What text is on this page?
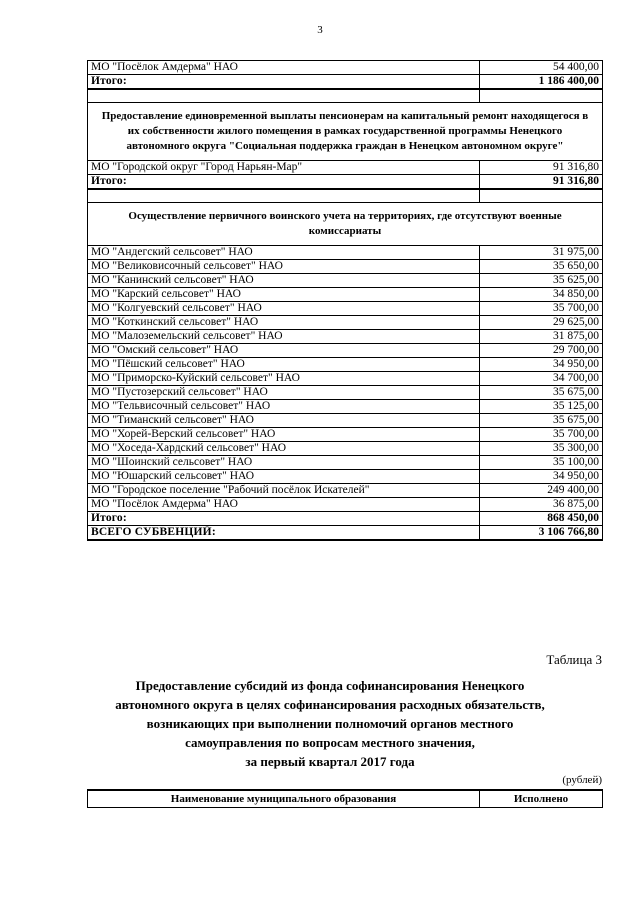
3
МО "Посёлок Амдерма" НАО	54 400,00
Итого:	1 186 400,00

Предоставление единовременной выплаты пенсионерам на капитальный ремонт находящегося в их собственности жилого помещения в рамках государственной программы Ненецкого автономного округа "Социальная поддержка граждан в Ненецком автономном округе"	
МО "Городской округ "Город Нарьян-Мар"	91 316,80
Итого:	91 316,80

Осуществление первичного воинского учета на территориях, где отсутствуют военные комиссариаты	
МО "Андегский сельсовет" НАО	31 975,00
МО "Великовисочный сельсовет" НАО	35 650,00
МО "Канинский сельсовет" НАО	35 625,00
МО "Карский сельсовет" НАО	34 850,00
МО "Колгуевский сельсовет" НАО	35 700,00
МО "Коткинский сельсовет" НАО	29 625,00
МО "Малоземельский сельсовет" НАО	31 875,00
МО "Омский сельсовет" НАО	29 700,00
МО "Пёшский сельсовет" НАО	34 950,00
МО "Приморско-Куйский сельсовет" НАО	34 700,00
МО "Пустозерский сельсовет" НАО	35 675,00
МО "Тельвисочный сельсовет" НАО	35 125,00
МО "Тиманский сельсовет" НАО	35 675,00
МО "Хорей-Верский сельсовет" НАО	35 700,00
МО "Хоседа-Хардский сельсовет" НАО	35 300,00
МО "Шоинский сельсовет" НАО	35 100,00
МО "Юшарский сельсовет" НАО	34 950,00
МО "Городское поселение "Рабочий посёлок Искателей"	249 400,00
МО "Посёлок Амдерма" НАО	36 875,00
Итого:	868 450,00
ВСЕГО СУБВЕНЦИЙ:	3 106 766,80
Таблица 3
Предоставление субсидий из фонда софинансирования Ненецкого
автономного округа в целях софинансирования расходных обязательств,
возникающих при выполнении полномочий органов местного
самоуправления по вопросам местного значения,
за первый квартал 2017 года
(рублей)
Наименование муниципального образования	Исполнено
